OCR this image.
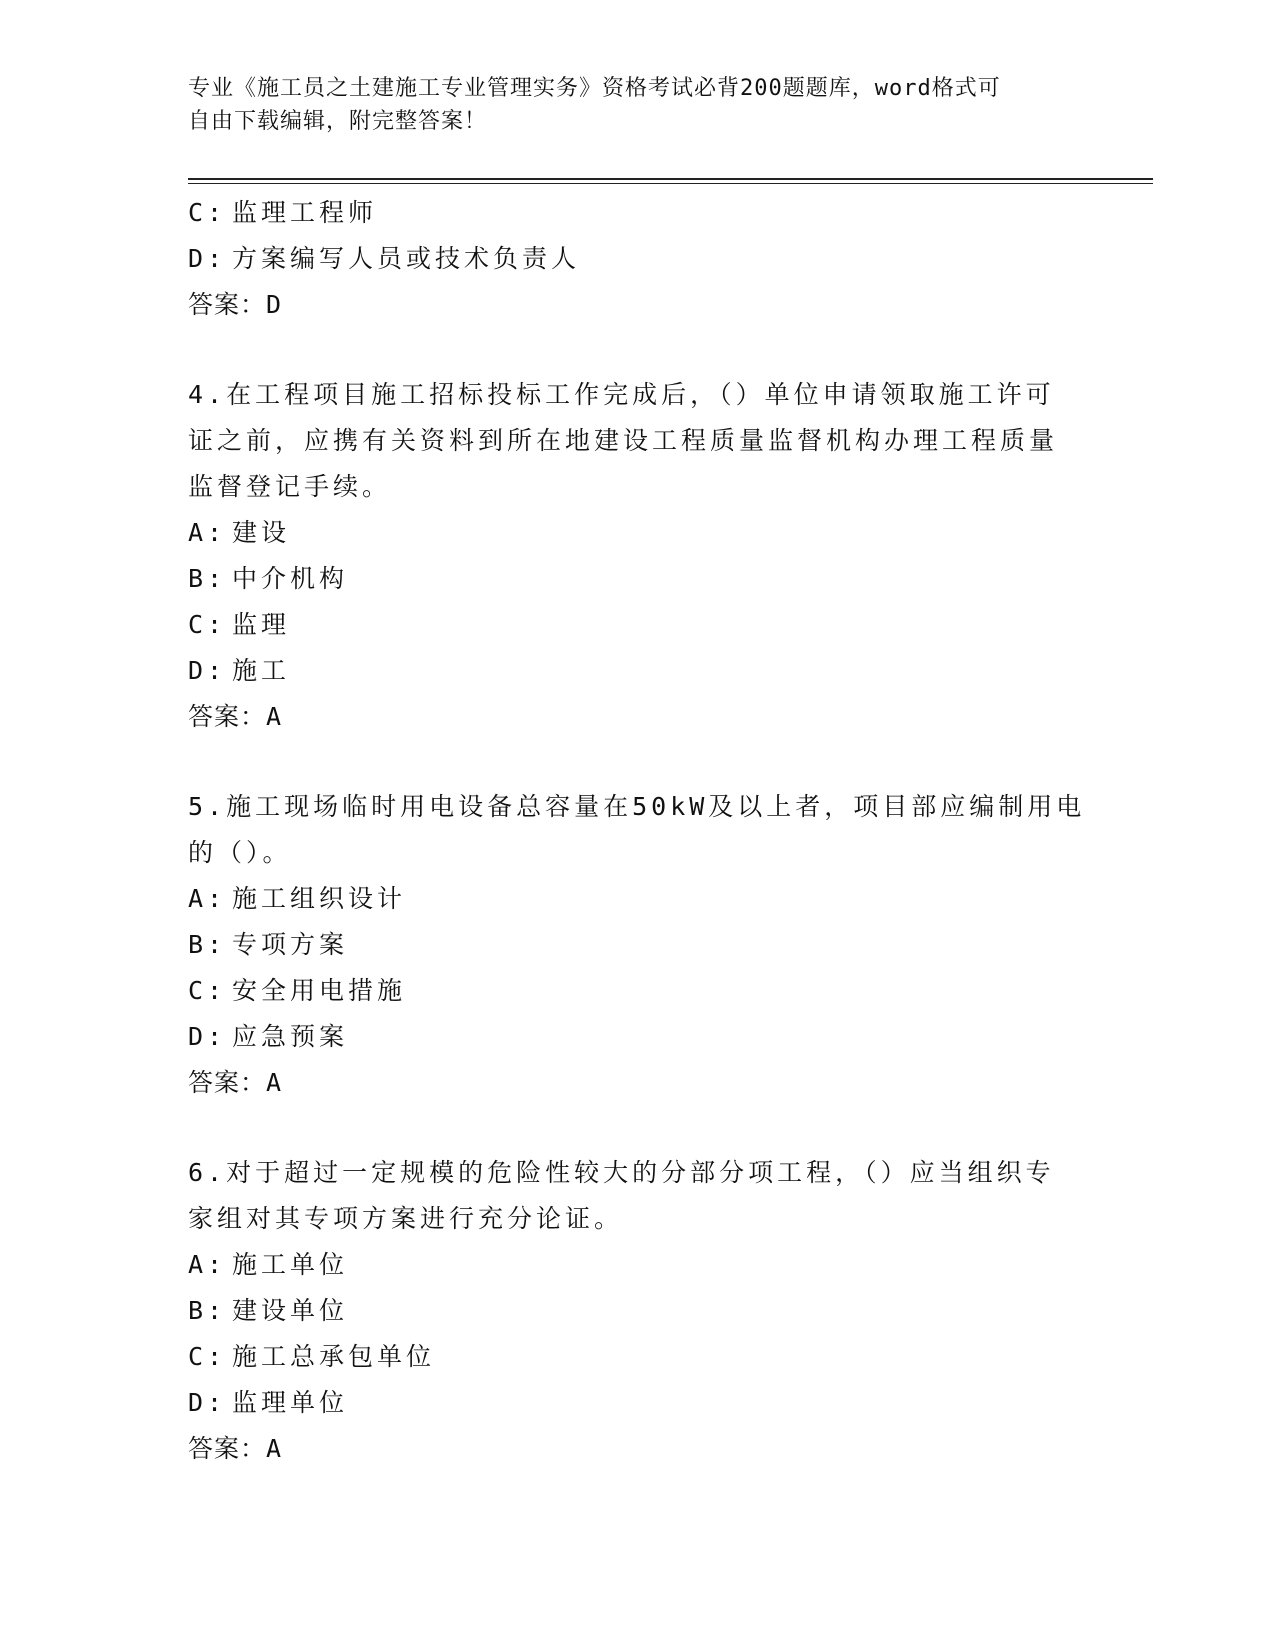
专业《施工员之土建施工专业管理实务》资格考试必背200题题库，word格式可
自由下载编辑，附完整答案！
C: 监理工程师
D: 方案编写人员或技术负责人
答案：D
4.在工程项目施工招标投标工作完成后，（）单位申请领取施工许可
证之前，应携有关资料到所在地建设工程质量监督机构办理工程质量
监督登记手续。
A: 建设
B: 中介机构
C: 监理
D: 施工
答案：A
5.施工现场临时用电设备总容量在50kW及以上者，项目部应编制用电
的（）。
A: 施工组织设计
B: 专项方案
C: 安全用电措施
D: 应急预案
答案：A
6.对于超过一定规模的危险性较大的分部分项工程，（）应当组织专
家组对其专项方案进行充分论证。
A: 施工单位
B: 建设单位
C: 施工总承包单位
D: 监理单位
答案：A
